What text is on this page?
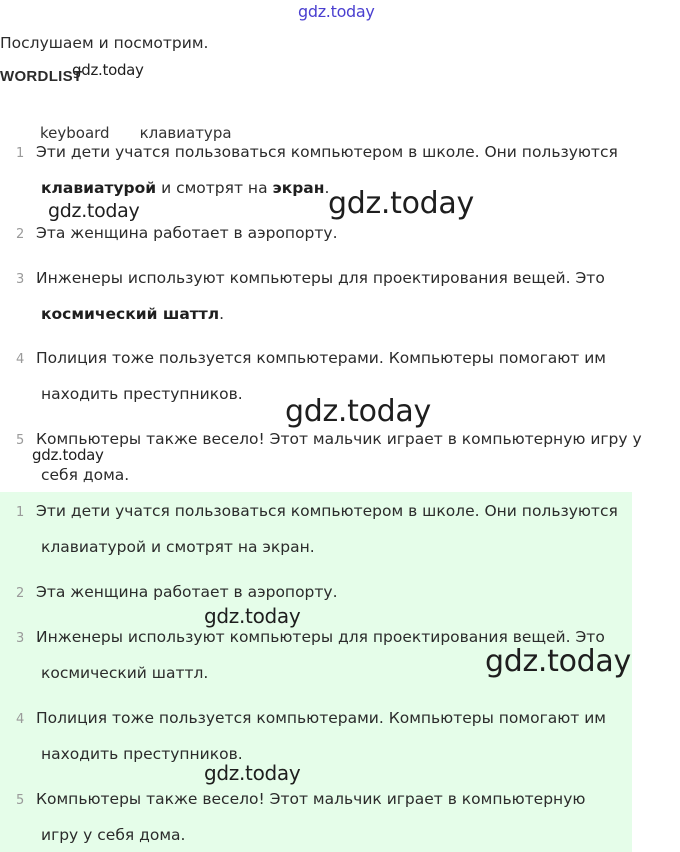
gdz.today
gdz.today
gdz.today	gdz.today
gdz.today
gdz.today
Послушаем и посмотрим.
WORDLIST
keyboard клавиатура
1 Эти дети учатся пользоваться компьютером в школе. Они пользуются
клавиатурой и смотрят на экран.
2 Эта женщина работает в аэропорту.
3 Инженеры используют компьютеры для проектирования вещей. Это
космический шаттл.
4 Полиция тоже пользуется компьютерами. Компьютеры помогают им
находить преступников.
5 Компьютеры также весело! Этот мальчик играет в компьютерную игру у
себя дома.
1 Эти дети учатся пользоваться компьютером в школе. Они пользуются
клавиатурой и смотрят на экран.
2 Эта женщина работает в аэропорту.
3 Инженеры используют компьютеры для проектирования вещей. Это
космический шаттл.
4 Полиция тоже пользуется компьютерами. Компьютеры помогают им
находить преступников.
5 Компьютеры также весело! Этот мальчик играет в компьютерную
игру у себя дома.
gdz.today
gdz.today
gdz.today
